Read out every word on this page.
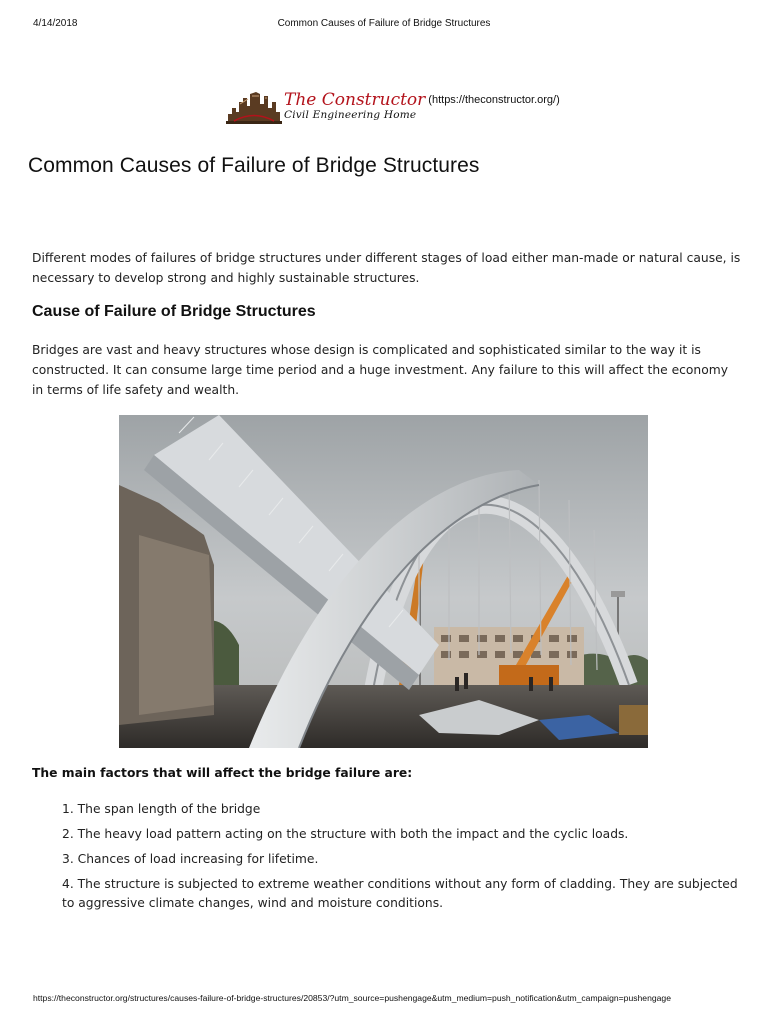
4/14/2018	Common Causes of Failure of Bridge Structures
The Constructor (https://theconstructor.org/)
Civil Engineering Home
Common Causes of Failure of Bridge Structures

Different modes of failures of bridge structures under different stages of load either man-made or natural cause, is necessary to develop strong and highly sustainable structures.

Cause of Failure of Bridge Structures

Bridges are vast and heavy structures whose design is complicated and sophisticated similar to the way it is constructed. It can consume large time period and a huge investment. Any failure to this will affect the economy in terms of life safety and wealth.

The main factors that will affect the bridge failure are:
1. The span length of the bridge
2. The heavy load pattern acting on the structure with both the impact and the cyclic loads.
3. Chances of load increasing for lifetime.
4. The structure is subjected to extreme weather conditions without any form of cladding. They are subjected to aggressive climate changes, wind and moisture conditions.
https://theconstructor.org/structures/causes-failure-of-bridge-structures/20853/?utm_source=pushengage&utm_medium=push_notification&utm_campaign=pushengage
